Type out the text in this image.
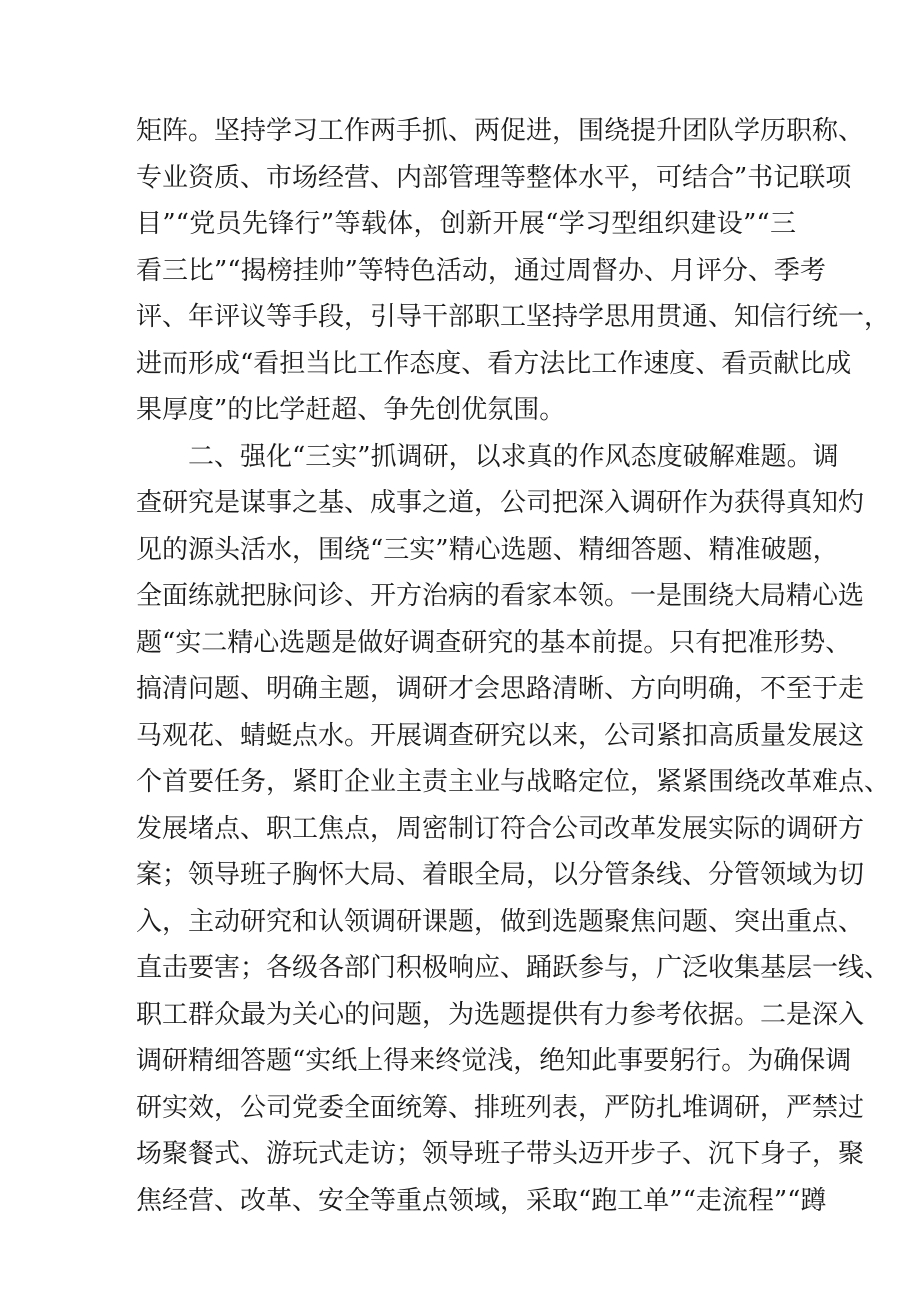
矩阵。坚持学习工作两手抓、两促进，围绕提升团队学历职称、
专业资质、市场经营、内部管理等整体水平，可结合”书记联项
目”“党员先锋行”等载体，创新开展“学习型组织建设”“三
看三比”“揭榜挂帅”等特色活动，通过周督办、月评分、季考
评、年评议等手段，引导干部职工坚持学思用贯通、知信行统一，
进而形成“看担当比工作态度、看方法比工作速度、看贡献比成
果厚度”的比学赶超、争先创优氛围。
二、强化“三实”抓调研，以求真的作风态度破解难题。调
查研究是谋事之基、成事之道，公司把深入调研作为获得真知灼
见的源头活水，围绕“三实”精心选题、精细答题、精准破题，
全面练就把脉问诊、开方治病的看家本领。一是围绕大局精心选
题“实二精心选题是做好调查研究的基本前提。只有把准形势、
搞清问题、明确主题，调研才会思路清晰、方向明确，不至于走
马观花、蜻蜓点水。开展调查研究以来，公司紧扣高质量发展这
个首要任务，紧盯企业主责主业与战略定位，紧紧围绕改革难点、
发展堵点、职工焦点，周密制订符合公司改革发展实际的调研方
案；领导班子胸怀大局、着眼全局，以分管条线、分管领域为切
入，主动研究和认领调研课题，做到选题聚焦问题、突出重点、
直击要害；各级各部门积极响应、踊跃参与，广泛收集基层一线、
职工群众最为关心的问题，为选题提供有力参考依据。二是深入
调研精细答题“实纸上得来终觉浅，绝知此事要躬行。为确保调
研实效，公司党委全面统筹、排班列表，严防扎堆调研，严禁过
场聚餐式、游玩式走访；领导班子带头迈开步子、沉下身子，聚
焦经营、改革、安全等重点领域，采取“跑工单”“走流程”“蹲
